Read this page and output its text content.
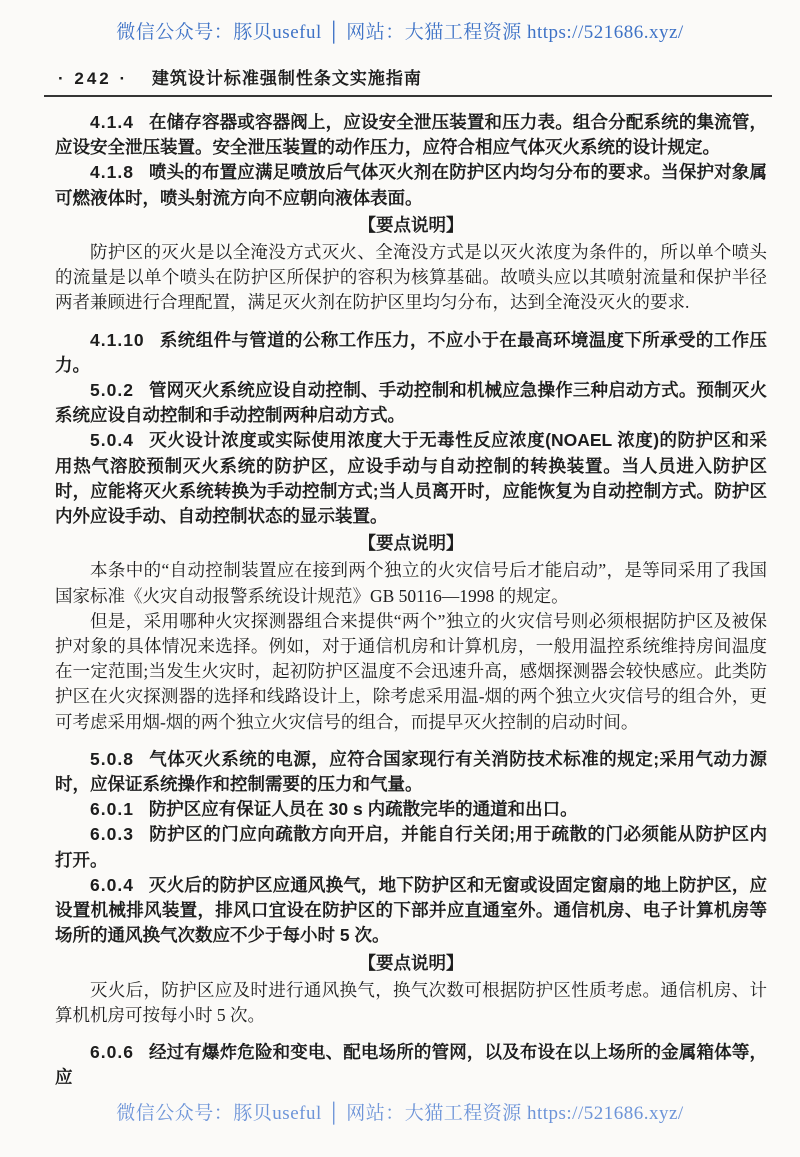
微信公众号：豚贝useful │ 网站：大猫工程资源 https://521686.xyz/
· 242 · 建筑设计标准强制性条文实施指南

4.1.4 在储存容器或容器阀上，应设安全泄压装置和压力表。组合分配系统的集流管，应设安全泄压装置。安全泄压装置的动作压力，应符合相应气体灭火系统的设计规定。

4.1.8 喷头的布置应满足喷放后气体灭火剂在防护区内均匀分布的要求。当保护对象属可燃液体时，喷头射流方向不应朝向液体表面。

【要点说明】

防护区的灭火是以全淹没方式灭火、全淹没方式是以灭火浓度为条件的，所以单个喷头的流量是以单个喷头在防护区所保护的容积为核算基础。故喷头应以其喷射流量和保护半径两者兼顾进行合理配置，满足灭火剂在防护区里均匀分布，达到全淹没灭火的要求.

4.1.10 系统组件与管道的公称工作压力，不应小于在最高环境温度下所承受的工作压力。

5.0.2 管网灭火系统应设自动控制、手动控制和机械应急操作三种启动方式。预制灭火系统应设自动控制和手动控制两种启动方式。

5.0.4 灭火设计浓度或实际使用浓度大于无毒性反应浓度(NOAEL 浓度)的防护区和采用热气溶胶预制灭火系统的防护区，应设手动与自动控制的转换装置。当人员进入防护区时，应能将灭火系统转换为手动控制方式;当人员离开时，应能恢复为自动控制方式。防护区内外应设手动、自动控制状态的显示装置。

【要点说明】

本条中的“自动控制装置应在接到两个独立的火灾信号后才能启动”，是等同采用了我国国家标准《火灾自动报警系统设计规范》GB 50116—1998 的规定。

但是，采用哪种火灾探测器组合来提供“两个”独立的火灾信号则必须根据防护区及被保护对象的具体情况来选择。例如，对于通信机房和计算机房，一般用温控系统维持房间温度在一定范围;当发生火灾时，起初防护区温度不会迅速升高，感烟探测器会较快感应。此类防护区在火灾探测器的选择和线路设计上，除考虑采用温-烟的两个独立火灾信号的组合外，更可考虑采用烟-烟的两个独立火灾信号的组合，而提早灭火控制的启动时间。

5.0.8 气体灭火系统的电源，应符合国家现行有关消防技术标准的规定;采用气动力源时，应保证系统操作和控制需要的压力和气量。

6.0.1 防护区应有保证人员在 30 s 内疏散完毕的通道和出口。

6.0.3 防护区的门应向疏散方向开启，并能自行关闭;用于疏散的门必须能从防护区内打开。

6.0.4 灭火后的防护区应通风换气，地下防护区和无窗或设固定窗扇的地上防护区，应设置机械排风装置，排风口宜设在防护区的下部并应直通室外。通信机房、电子计算机房等场所的通风换气次数应不少于每小时 5 次。

【要点说明】

灭火后，防护区应及时进行通风换气，换气次数可根据防护区性质考虑。通信机房、计算机机房可按每小时 5 次。

6.0.6 经过有爆炸危险和变电、配电场所的管网，以及布设在以上场所的金属箱体等，应

微信公众号：豚贝useful │ 网站：大猫工程资源 https://521686.xyz/
